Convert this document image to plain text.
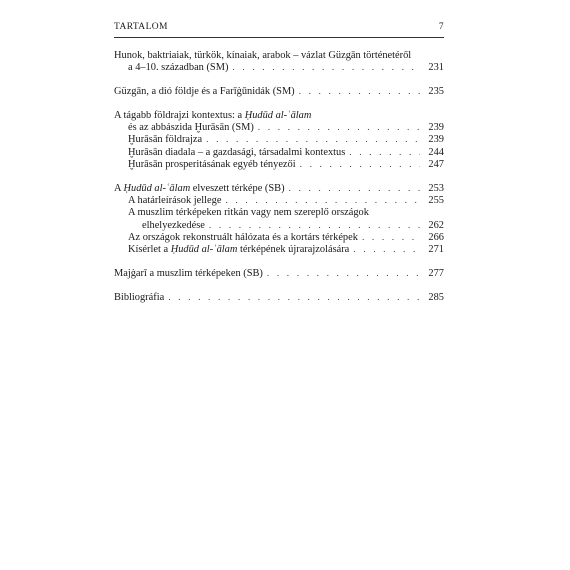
TARTALOM	7
Hunok, baktriaiak, türkök, kínaiak, arabok – vázlat Güzgān történetéről
a 4–10. században (SM) . . .	231
Güzgān, a dió földje és a Farīġūnidák (SM) . . .	235
A tágabb földrajzi kontextus: a Ḥudūd al-ʿālam
és az abbászida Ḫurāsān (SM) . . .	239
Ḫurāsān földrajza . . .	239
Ḫurāsān diadala – a gazdasági, társadalmi kontextus . . .	244
Ḫurāsān prosperitásának egyéb tényezői . . .	247
A Ḥudūd al-ʿālam elveszett térképe (SB) . . .	253
A határleírások jellege . . .	255
A muszlim térképeken ritkán vagy nem szereplő országok
elhelyezkedése . . .	262
Az országok rekonstruált hálózata és a kortárs térképek . . .	266
Kísérlet a Ḥudūd al-ʿālam térképének újrarajzolására . . .	271
Majġarī a muszlim térképeken (SB) . . .	277
Bibliográfia . . .	285
